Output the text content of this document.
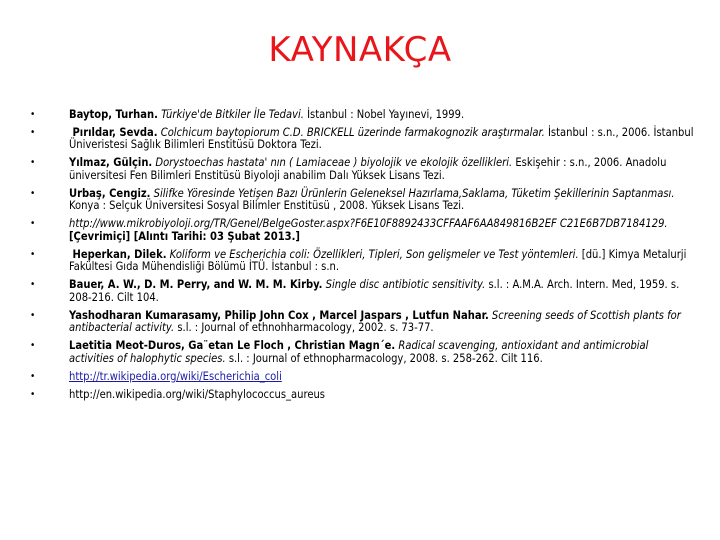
KAYNAKÇA
•	Baytop, Turhan. Türkiye'de Bitkiler İle Tedavi. İstanbul : Nobel Yayınevi, 1999.
•	Pırıldar, Sevda. Colchicum baytopiorum C.D. BRICKELL üzerinde farmakognozik araştırmalar. İstanbul : s.n., 2006. İstanbul Üniveristesi Sağlık Bilimleri Enstitüsü Doktora Tezi.
•	Yılmaz, Gülçin. Dorystoechas hastata' nın ( Lamiaceae ) biyolojik ve ekolojik özellikleri. Eskişehir : s.n., 2006. Anadolu üniversitesi Fen Bilimleri Enstitüsü Biyoloji anabilim Dalı Yüksek Lisans Tezi.
•	Urbaş, Cengiz. Silifke Yöresinde Yetişen Bazı Ürünlerin Geleneksel Hazırlama,Saklama, Tüketim Şekillerinin Saptanması. Konya : Selçuk Üniversitesi Sosyal Bilimler Enstitüsü , 2008. Yüksek Lisans Tezi.
•	http://www.mikrobiyoloji.org/TR/Genel/BelgeGoster.aspx?F6E10F8892433CFFAAF6AA849816B2EF C21E6B7DB7184129. [Çevrimiçi] [Alıntı Tarihi: 03 Şubat 2013.]
•	Heperkan, Dilek. Koliform ve Escherichia coli: Özellikleri, Tipleri, Son gelişmeler ve Test yöntemleri. [dü.] Kimya Metalurji Fakültesi Gıda Mühendisliği Bölümü İTÜ. İstanbul : s.n.
•	Bauer, A. W., D. M. Perry, and W. M. M. Kirby. Single disc antibiotic sensitivity. s.l. : A.M.A. Arch. Intern. Med, 1959. s. 208-216. Cilt 104.
•	Yashodharan Kumarasamy, Philip John Cox , Marcel Jaspars , Lutfun Nahar. Screening seeds of Scottish plants for antibacterial activity. s.l. : Journal of ethnohharmacology, 2002. s. 73-77.
•	Laetitia Meot-Duros, Ga¨etan Le Floch , Christian Magn´e. Radical scavenging, antioxidant and antimicrobial activities of halophytic species. s.l. : Journal of ethnopharmacology, 2008. s. 258-262. Cilt 116.
•	http://tr.wikipedia.org/wiki/Escherichia_coli
•	http://en.wikipedia.org/wiki/Staphylococcus_aureus
